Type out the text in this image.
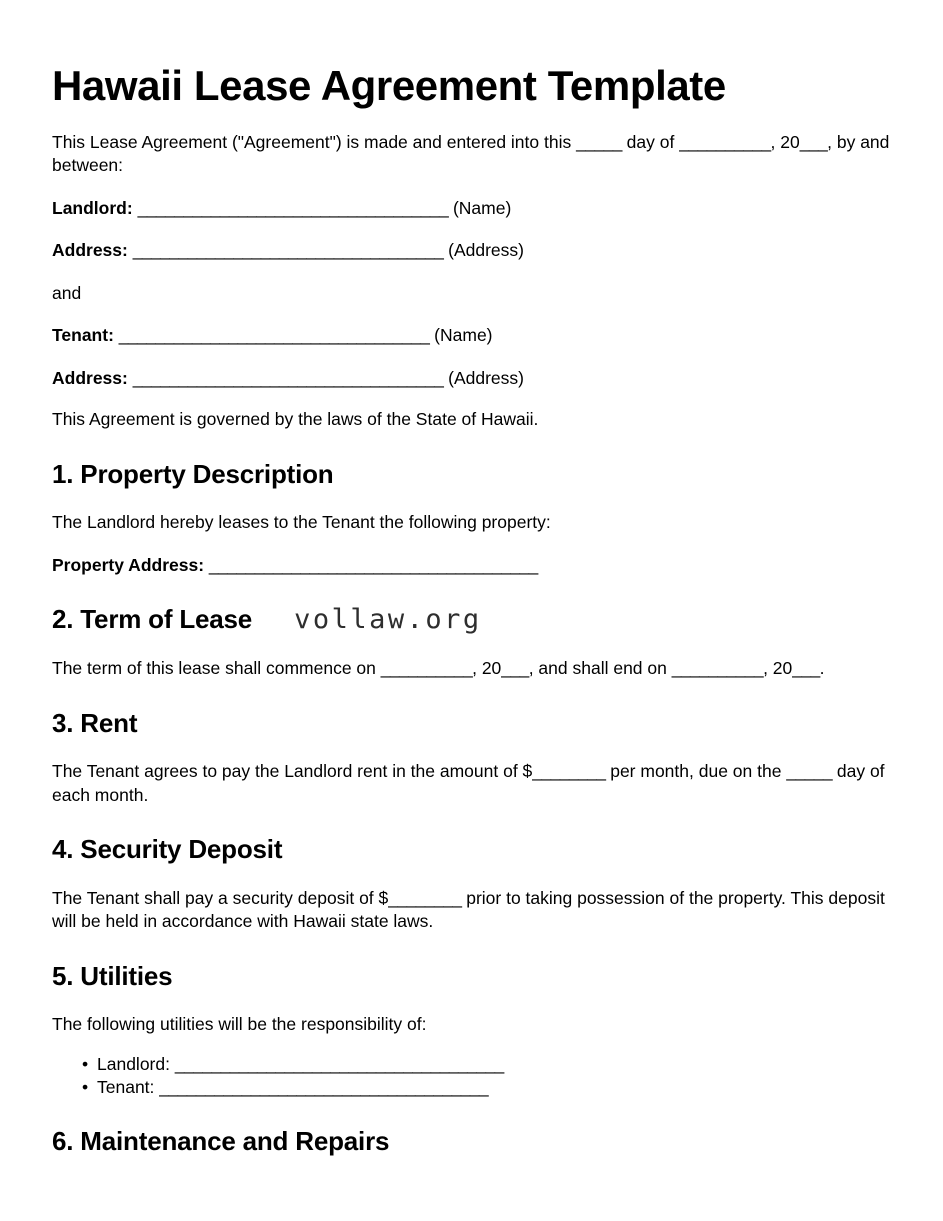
Hawaii Lease Agreement Template

This Lease Agreement ("Agreement") is made and entered into this _____ day of __________, 20___, by and between:

Landlord: __________________________________ (Name)

Address: __________________________________ (Address)

and

Tenant: __________________________________ (Name)

Address: __________________________________ (Address)

This Agreement is governed by the laws of the State of Hawaii.

1. Property Description

The Landlord hereby leases to the Tenant the following property:

Property Address: ____________________________________

2. Term of Lease vollaw.org

The term of this lease shall commence on __________, 20___, and shall end on __________, 20___.

3. Rent

The Tenant agrees to pay the Landlord rent in the amount of $________ per month, due on the _____ day of each month.

4. Security Deposit

The Tenant shall pay a security deposit of $________ prior to taking possession of the property. This deposit will be held in accordance with Hawaii state laws.

5. Utilities

The following utilities will be the responsibility of:

• Landlord: ____________________________________
• Tenant: ____________________________________
6. Maintenance and Repairs
